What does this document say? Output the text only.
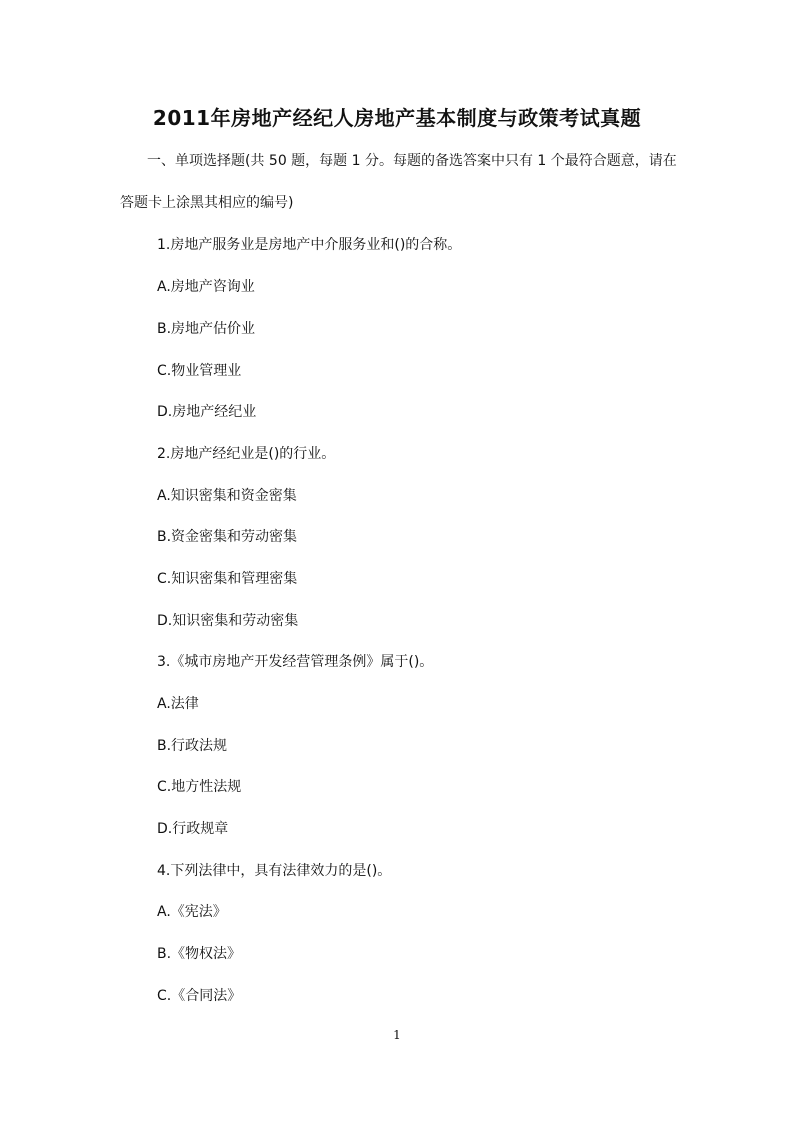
2011年房地产经纪人房地产基本制度与政策考试真题
一、单项选择题(共 50 题，每题 1 分。每题的备选答案中只有 1 个最符合题意，请在
答题卡上涂黑其相应的编号)
1.房地产服务业是房地产中介服务业和()的合称。
A.房地产咨询业
B.房地产估价业
C.物业管理业
D.房地产经纪业
2.房地产经纪业是()的行业。
A.知识密集和资金密集
B.资金密集和劳动密集
C.知识密集和管理密集
D.知识密集和劳动密集
3.《城市房地产开发经营管理条例》属于()。
A.法律
B.行政法规
C.地方性法规
D.行政规章
4.下列法律中，具有法律效力的是()。
A.《宪法》
B.《物权法》
C.《合同法》
1
